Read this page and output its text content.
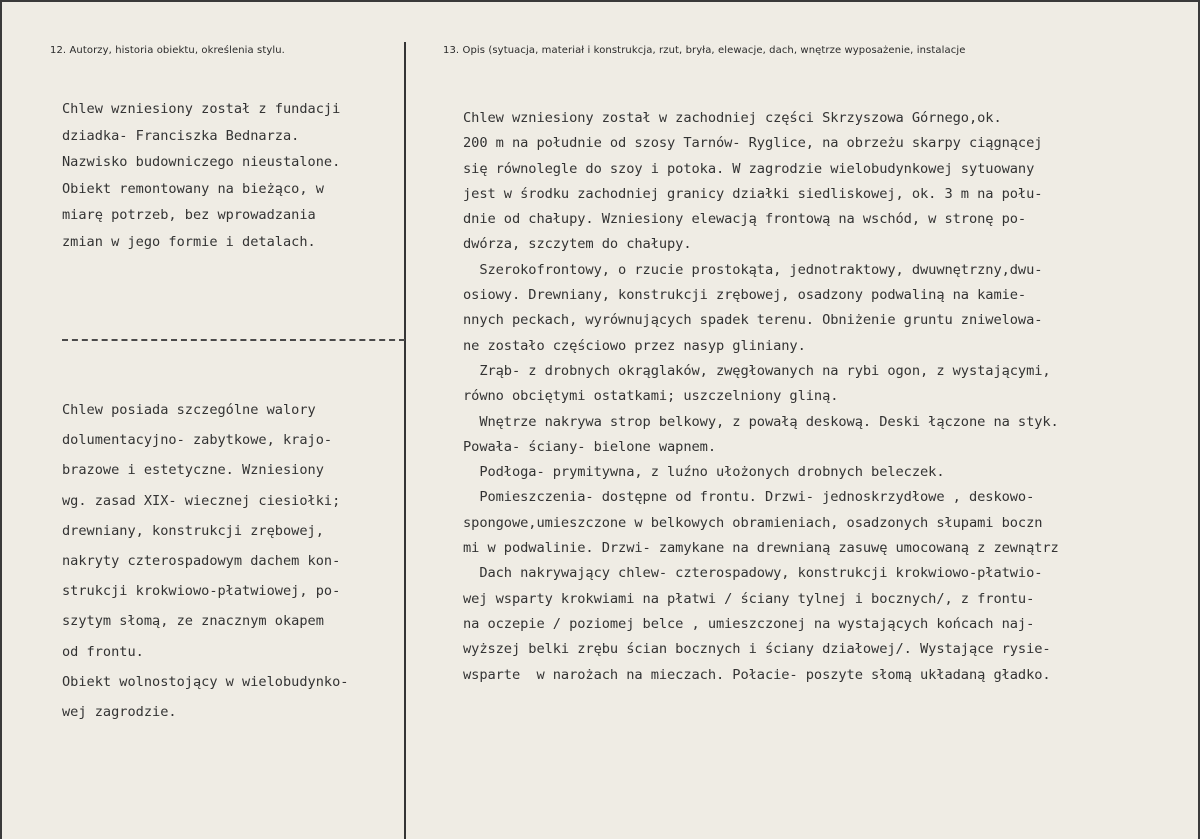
12. Autorzy, historia obiektu, określenia stylu.	13. Opis (sytuacja, materiał i konstrukcja, rzut, bryła, elewacje, dach, wnętrze wyposażenie, instalacje
Chlew wzniesiony został z fundacji
dziadka- Franciszka Bednarza.
Nazwisko budowniczego nieustalone.
Obiekt remontowany na bieżąco, w
miarę potrzeb, bez wprowadzania
zmian w jego formie i detalach.
Chlew posiada szczególne walory
dolumentacyjno- zabytkowe, krajo-
brazowe i estetyczne. Wzniesiony
wg. zasad XIX- wiecznej ciesiołki;
drewniany, konstrukcji zrębowej,
nakryty czterospadowym dachem kon-
strukcji krokwiowo-płatwiowej, po-
szytym słomą, ze znacznym okapem
od frontu.
Obiekt wolnostojący w wielobudynko-
wej zagrodzie.
Chlew wzniesiony został w zachodniej części Skrzyszowa Górnego,ok.
200 m na południe od szosy Tarnów- Ryglice, na obrzeżu skarpy ciągnącej
się równolegle do szoy i potoka. W zagrodzie wielobudynkowej sytuowany
jest w środku zachodniej granicy działki siedliskowej, ok. 3 m na połu-
dnie od chałupy. Wzniesiony elewacją frontową na wschód, w stronę po-
dwórza, szczytem do chałupy.
Szerokofrontowy, o rzucie prostokąta, jednotraktowy, dwuwnętrzny,dwu-
osiowy. Drewniany, konstrukcji zrębowej, osadzony podwaliną na kamie-
nnych peckach, wyrównujących spadek terenu. Obniżenie gruntu zniwelowa-
ne zostało częściowo przez nasyp gliniany.
Zrąb- z drobnych okrąglaków, zwęgłowanych na rybi ogon, z wystającymi,
równo obciętymi ostatkami; uszczelniony gliną.
Wnętrze nakrywa strop belkowy, z powałą deskową. Deski łączone na styk.
Powała- ściany- bielone wapnem.
Podłoga- prymitywna, z luźno ułożonych drobnych beleczek.
Pomieszczenia- dostępne od frontu. Drzwi- jednoskrzydłowe , deskowo-
spongowe,umieszczone w belkowych obramieniach, osadzonych słupami boczn
mi w podwalinie. Drzwi- zamykane na drewnianą zasuwę umocowaną z zewnątrz
Dach nakrywający chlew- czterospadowy, konstrukcji krokwiowo-płatwio-
wej wsparty krokwiami na płatwi / ściany tylnej i bocznych/, z frontu-
na oczepie / poziomej belce , umieszczonej na wystających końcach naj-
wyższej belki zrębu ścian bocznych i ściany działowej/. Wystające rysie-
wsparte  w narożach na mieczach. Połacie- poszyte słomą układaną gładko.
